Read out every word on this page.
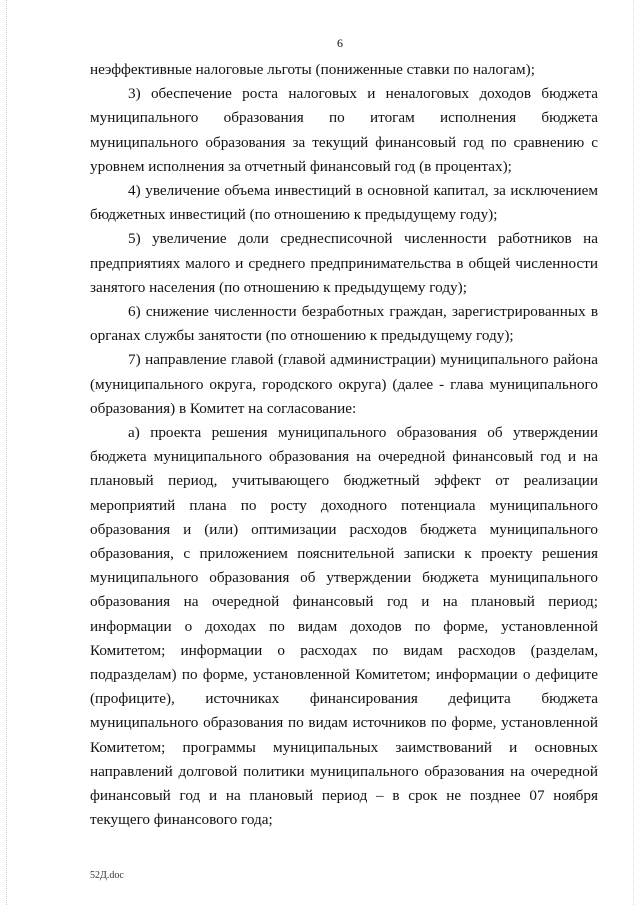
6

неэффективные налоговые льготы (пониженные ставки по налогам);

3) обеспечение роста налоговых и неналоговых доходов бюджета муниципального образования по итогам исполнения бюджета муниципального образования за текущий финансовый год по сравнению с уровнем исполнения за отчетный финансовый год (в процентах);

4) увеличение объема инвестиций в основной капитал, за исключением бюджетных инвестиций (по отношению к предыдущему году);

5) увеличение доли среднесписочной численности работников на предприятиях малого и среднего предпринимательства в общей численности занятого населения (по отношению к предыдущему году);

6) снижение численности безработных граждан, зарегистрированных в органах службы занятости (по отношению к предыдущему году);

7) направление главой (главой администрации) муниципального района (муниципального округа, городского округа) (далее - глава муниципального образования) в Комитет на согласование:

а) проекта решения муниципального образования об утверждении бюджета муниципального образования на очередной финансовый год и на плановый период, учитывающего бюджетный эффект от реализации мероприятий плана по росту доходного потенциала муниципального образования и (или) оптимизации расходов бюджета муниципального образования, с приложением пояснительной записки к проекту решения муниципального образования об утверждении бюджета муниципального образования на очередной финансовый год и на плановый период; информации о доходах по видам доходов по форме, установленной Комитетом; информации о расходах по видам расходов (разделам, подразделам) по форме, установленной Комитетом; информации о дефиците (профиците), источниках финансирования дефицита бюджета муниципального образования по видам источников по форме, установленной Комитетом; программы муниципальных заимствований и основных направлений долговой политики муниципального образования на очередной финансовый год и на плановый период – в срок не позднее 07 ноября текущего финансового года;

52Д.doc
